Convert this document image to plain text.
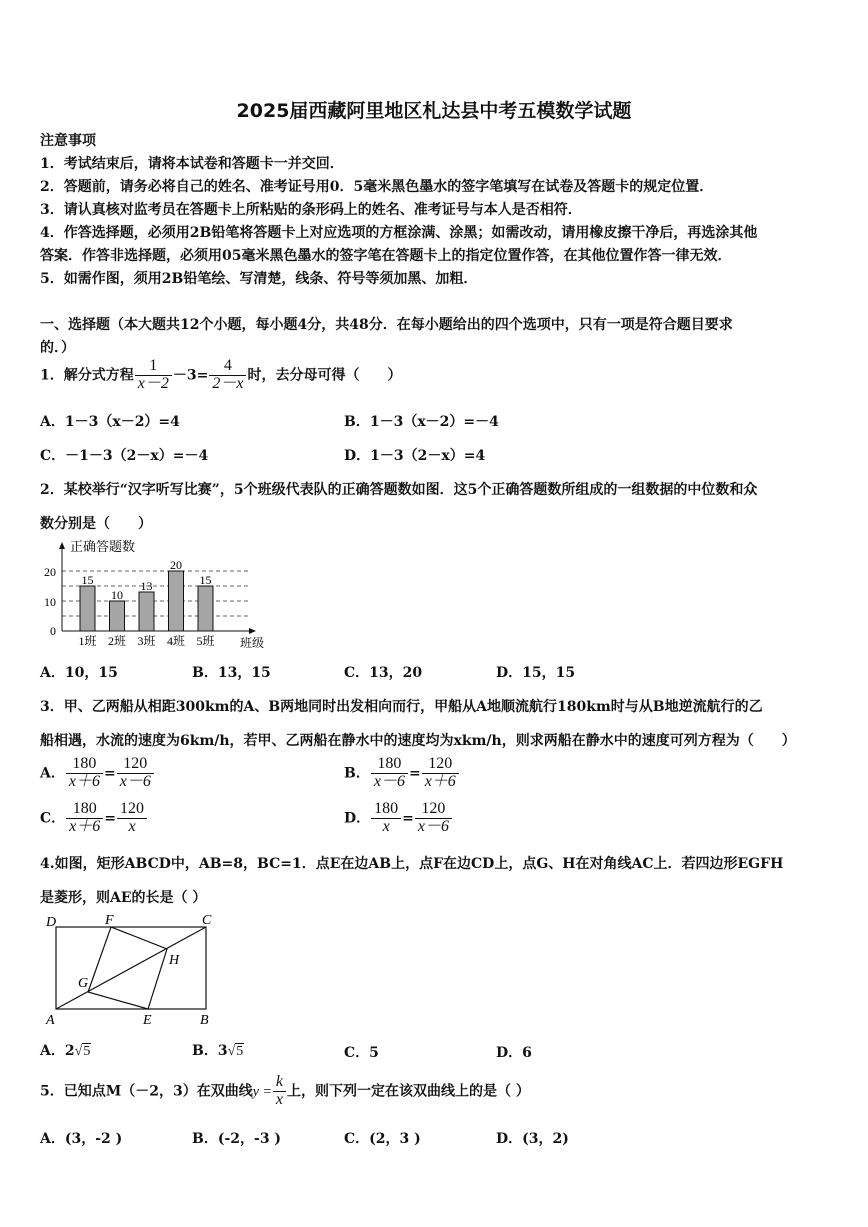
2025届西藏阿里地区札达县中考五模数学试题
注意事项
1．考试结束后，请将本试卷和答题卡一并交回．
2．答题前，请务必将自己的姓名、准考证号用0．5毫米黑色墨水的签字笔填写在试卷及答题卡的规定位置．
3．请认真核对监考员在答题卡上所粘贴的条形码上的姓名、准考证号与本人是否相符．
4．作答选择题，必须用2B铅笔将答题卡上对应选项的方框涂满、涂黑；如需改动，请用橡皮擦干净后，再选涂其他
答案．作答非选择题，必须用05毫米黑色墨水的签字笔在答题卡上的指定位置作答，在其他位置作答一律无效．
5．如需作图，须用2B铅笔绘、写清楚，线条、符号等须加黑、加粗．
一、选择题（本大题共12个小题，每小题4分，共48分．在每小题给出的四个选项中，只有一项是符合题目要求
的．）
1．解分式方程 $\frac{1}{x-2} -3= \frac{4}{2-x}$ 时，去分母可得（　　）
A．1－3（x－2）=4	B．1－3（x－2）=－4
C．－1－3（2－x）=－4	D．1－3（2－x）=4
2．某校举行“汉字听写比赛”，5个班级代表队的正确答题数如图．这5个正确答题数所组成的一组数据的中位数和众
数分别是（　　）
正确答题数
班级
0
10
20
15
1班
10
2班
13
3班
20
4班
15
5班
A．10，15	B．13，15	C．13，20	D．15，15
3．甲、乙两船从相距300km的A、B两地同时出发相向而行，甲船从A地顺流航行180km时与从B地逆流航行的乙
船相遇，水流的速度为6km/h，若甲、乙两船在静水中的速度均为xkm/h，则求两船在静水中的速度可列方程为（　　）
A． $\frac{180}{x+6} = \frac{120}{x-6}$	B． $\frac{180}{x-6} = \frac{120}{x+6}$
C． $\frac{180}{x+6} = \frac{120}{x}$	D． $\frac{180}{x} = \frac{120}{x-6}$
4.如图，矩形ABCD中，AB=8，BC=1．点E在边AB上，点F在边CD上，点G、H在对角线AC上．若四边形EGFH
是菱形，则AE的长是（ ）
D	F	C
H
G
A	E	B
A．2√5	B．3√5	C．5	D．6
5．已知点M（－2，3）在双曲线$y = \frac{k}{x}$ 上，则下列一定在该双曲线上的是（ ）
A．(3，-2 )	B．(-2，-3 )	C．(2，3 )	D．(3，2)
